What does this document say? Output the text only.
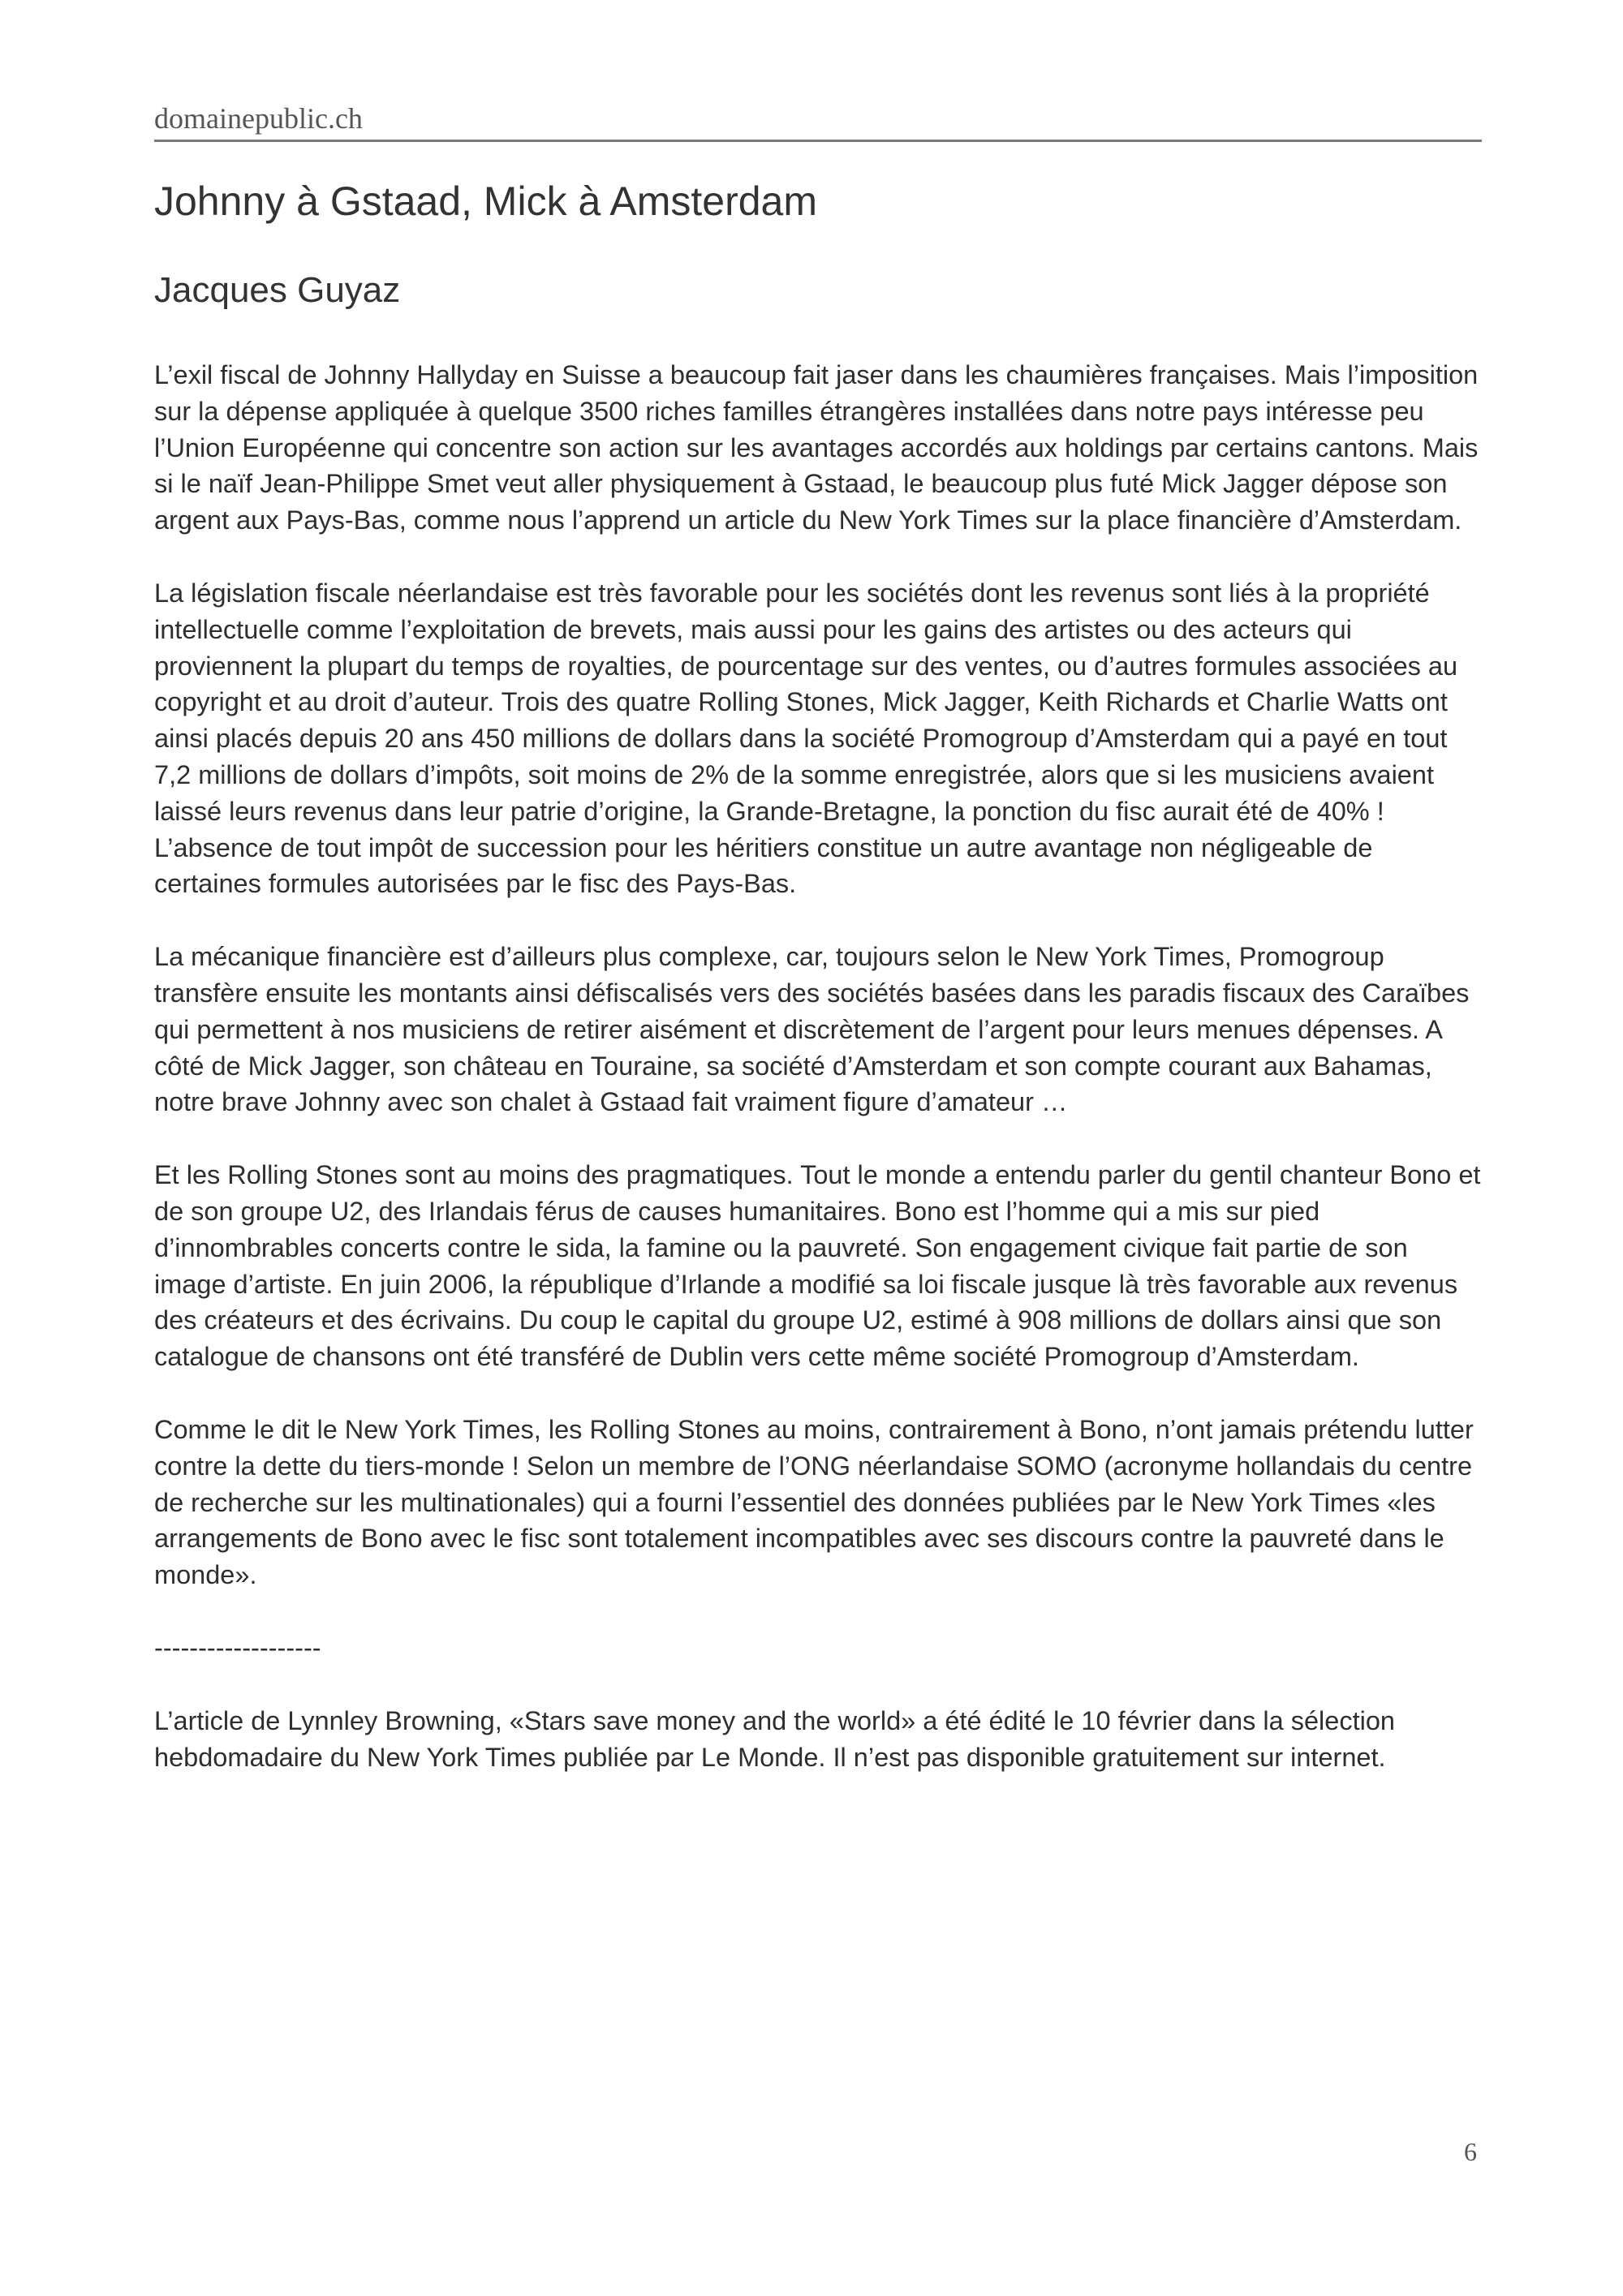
domainepublic.ch
Johnny à Gstaad, Mick à Amsterdam
Jacques Guyaz

L’exil fiscal de Johnny Hallyday en Suisse a beaucoup fait jaser dans les chaumières françaises. Mais l’imposition sur la dépense appliquée à quelque 3500 riches familles étrangères installées dans notre pays intéresse peu l’Union Européenne qui concentre son action sur les avantages accordés aux holdings par certains cantons. Mais si le naïf Jean-Philippe Smet veut aller physiquement à Gstaad, le beaucoup plus futé Mick Jagger dépose son argent aux Pays-Bas, comme nous l’apprend un article du New York Times sur la place financière d’Amsterdam.

La législation fiscale néerlandaise est très favorable pour les sociétés dont les revenus sont liés à la propriété intellectuelle comme l’exploitation de brevets, mais aussi pour les gains des artistes ou des acteurs qui proviennent la plupart du temps de royalties, de pourcentage sur des ventes, ou d’autres formules associées au copyright et au droit d’auteur. Trois des quatre Rolling Stones, Mick Jagger, Keith Richards et Charlie Watts ont ainsi placés depuis 20 ans 450 millions de dollars dans la société Promogroup d’Amsterdam qui a payé en tout 7,2 millions de dollars d’impôts, soit moins de 2% de la somme enregistrée, alors que si les musiciens avaient laissé leurs revenus dans leur patrie d’origine, la Grande-Bretagne, la ponction du fisc aurait été de 40% ! L’absence de tout impôt de succession pour les héritiers constitue un autre avantage non négligeable de certaines formules autorisées par le fisc des Pays-Bas.

La mécanique financière est d’ailleurs plus complexe, car, toujours selon le New York Times, Promogroup transfère ensuite les montants ainsi défiscalisés vers des sociétés basées dans les paradis fiscaux des Caraïbes qui permettent à nos musiciens de retirer aisément et discrètement de l’argent pour leurs menues dépenses. A côté de Mick Jagger, son château en Touraine, sa société d’Amsterdam et son compte courant aux Bahamas, notre brave Johnny avec son chalet à Gstaad fait vraiment figure d’amateur …

Et les Rolling Stones sont au moins des pragmatiques. Tout le monde a entendu parler du gentil chanteur Bono et de son groupe U2, des Irlandais férus de causes humanitaires. Bono est l’homme qui a mis sur pied d’innombrables concerts contre le sida, la famine ou la pauvreté. Son engagement civique fait partie de son image d’artiste. En juin 2006, la république d’Irlande a modifié sa loi fiscale jusque là très favorable aux revenus des créateurs et des écrivains. Du coup le capital du groupe U2, estimé à 908 millions de dollars ainsi que son catalogue de chansons ont été transféré de Dublin vers cette même société Promogroup d’Amsterdam.

Comme le dit le New York Times, les Rolling Stones au moins, contrairement à Bono, n’ont jamais prétendu lutter contre la dette du tiers-monde ! Selon un membre de l’ONG néerlandaise SOMO (acronyme hollandais du centre de recherche sur les multinationales) qui a fourni l’essentiel des données publiées par le New York Times «les arrangements de Bono avec le fisc sont totalement incompatibles avec ses discours contre la pauvreté dans le monde».

-------------------

L’article de Lynnley Browning, «Stars save money and the world» a été édité le 10 février dans la sélection hebdomadaire du New York Times publiée par Le Monde. Il n’est pas disponible gratuitement sur internet.

6
